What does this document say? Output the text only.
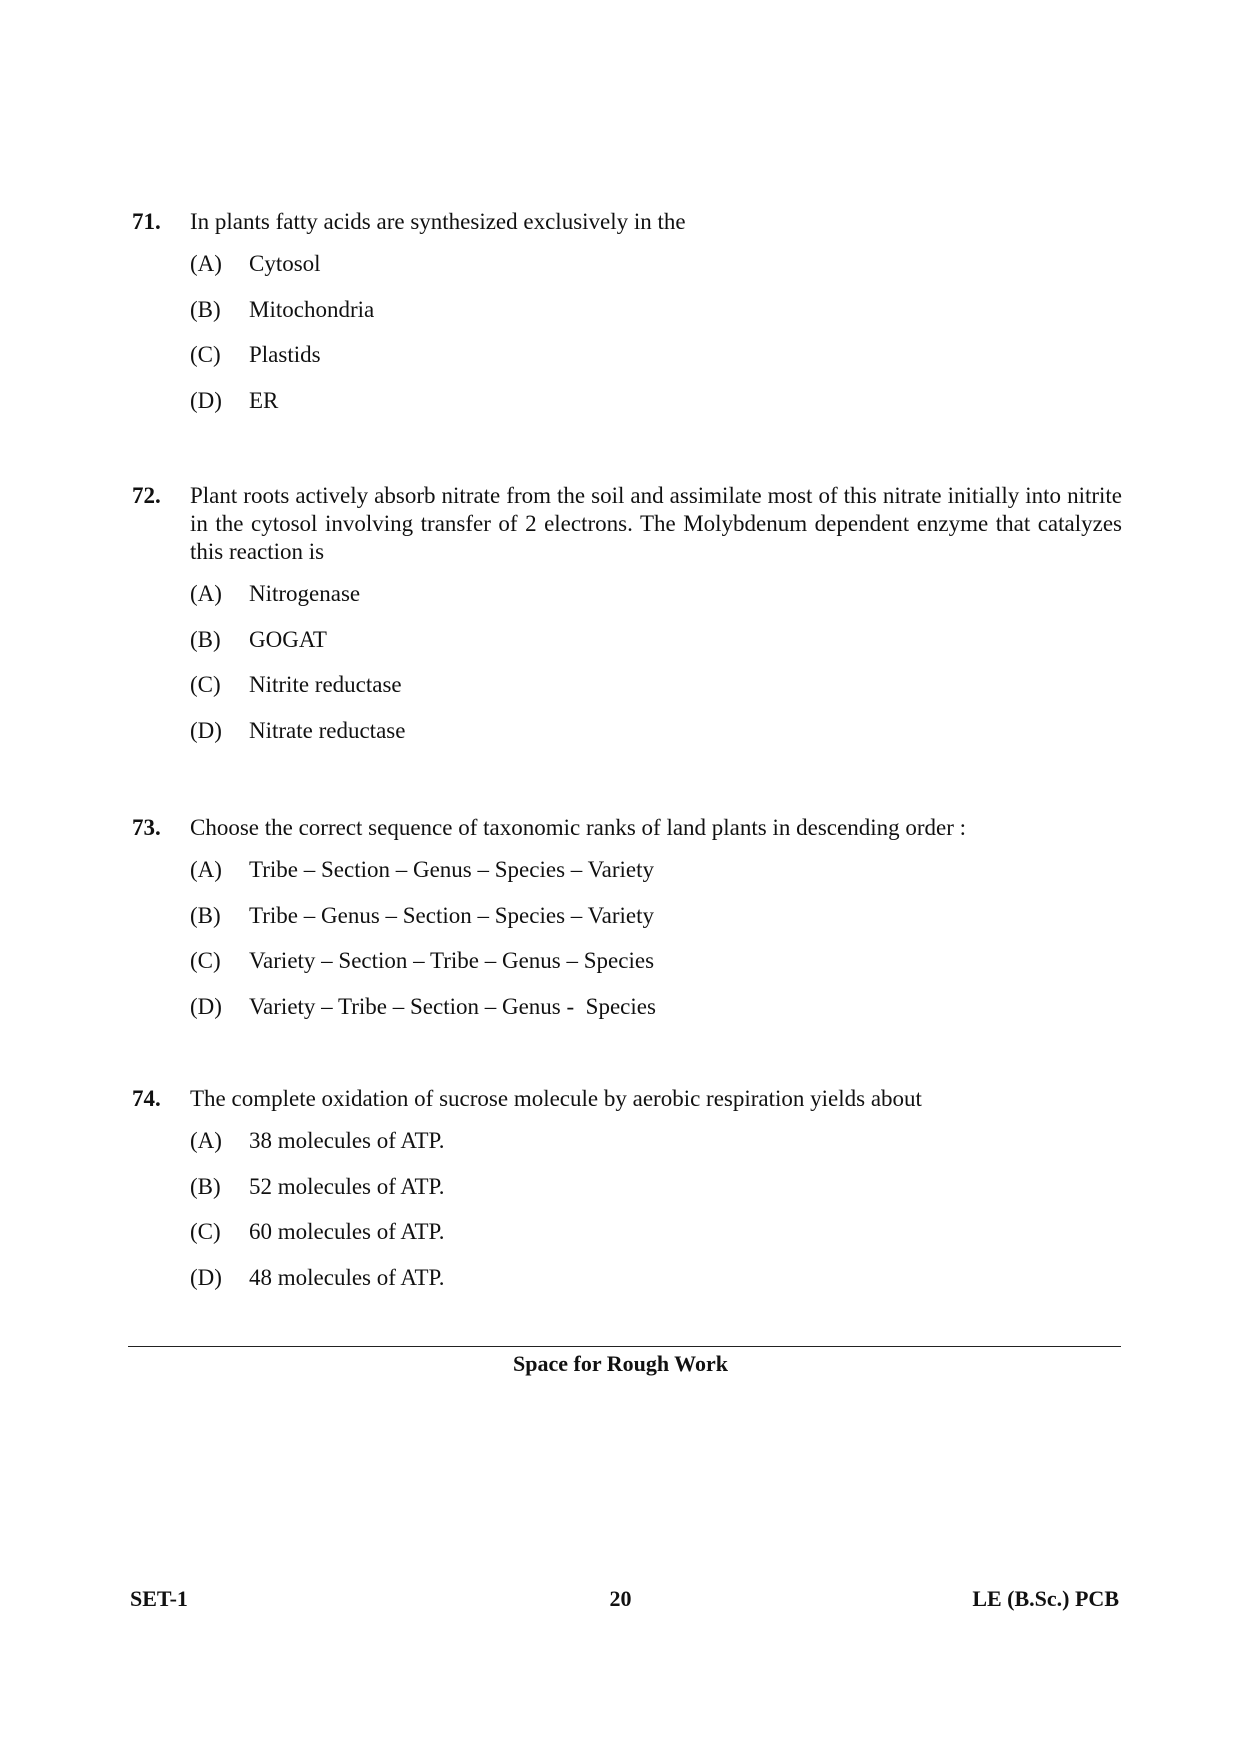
71.	In plants fatty acids are synthesized exclusively in the
(A)	Cytosol
(B)	Mitochondria
(C)	Plastids
(D)	ER
72.	Plant roots actively absorb nitrate from the soil and assimilate most of this nitrate initially into nitrite in the cytosol involving transfer of 2 electrons. The Molybdenum dependent enzyme that catalyzes this reaction is
(A)	Nitrogenase
(B)	GOGAT
(C)	Nitrite reductase
(D)	Nitrate reductase
73.	Choose the correct sequence of taxonomic ranks of land plants in descending order :
(A)	Tribe – Section – Genus – Species – Variety
(B)	Tribe – Genus – Section – Species – Variety
(C)	Variety – Section – Tribe – Genus – Species
(D)	Variety – Tribe – Section – Genus -  Species
74.	The complete oxidation of sucrose molecule by aerobic respiration yields about
(A)	38 molecules of ATP.
(B)	52 molecules of ATP.
(C)	60 molecules of ATP.
(D)	48 molecules of ATP.
Space for Rough Work
SET-1	20	LE (B.Sc.) PCB
